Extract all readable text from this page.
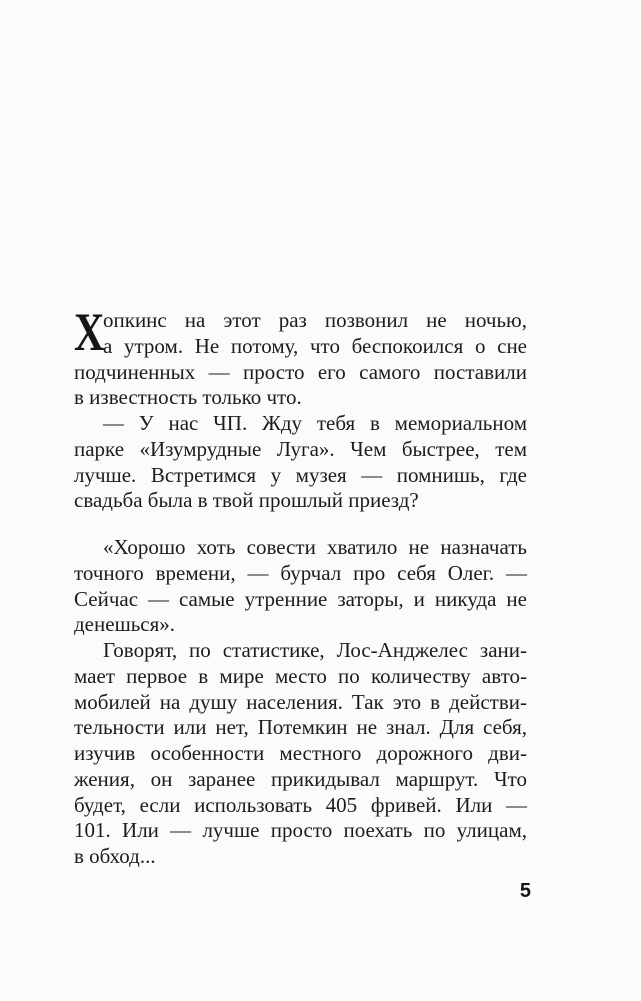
Х
опкинс на этот раз позвонил не ночью,
а утром. Не потому, что беспокоился о сне
подчиненных — просто его самого поставили
в известность только что.
— У нас ЧП. Жду тебя в мемориальном
парке «Изумрудные Луга». Чем быстрее, тем
лучше. Встретимся у музея — помнишь, где
свадьба была в твой прошлый приезд?
«Хорошо хоть совести хватило не назначать
точного времени, — бурчал про себя Олег. —
Сейчас — самые утренние заторы, и никуда не
денешься».
Говорят, по статистике, Лос-Анджелес зани-
мает первое в мире место по количеству авто-
мобилей на душу населения. Так это в действи-
тельности или нет, Потемкин не знал. Для себя,
изучив особенности местного дорожного дви-
жения, он заранее прикидывал маршрут. Что
будет, если использовать 405 фривей. Или —
101. Или — лучше просто поехать по улицам,
в обход...
5
